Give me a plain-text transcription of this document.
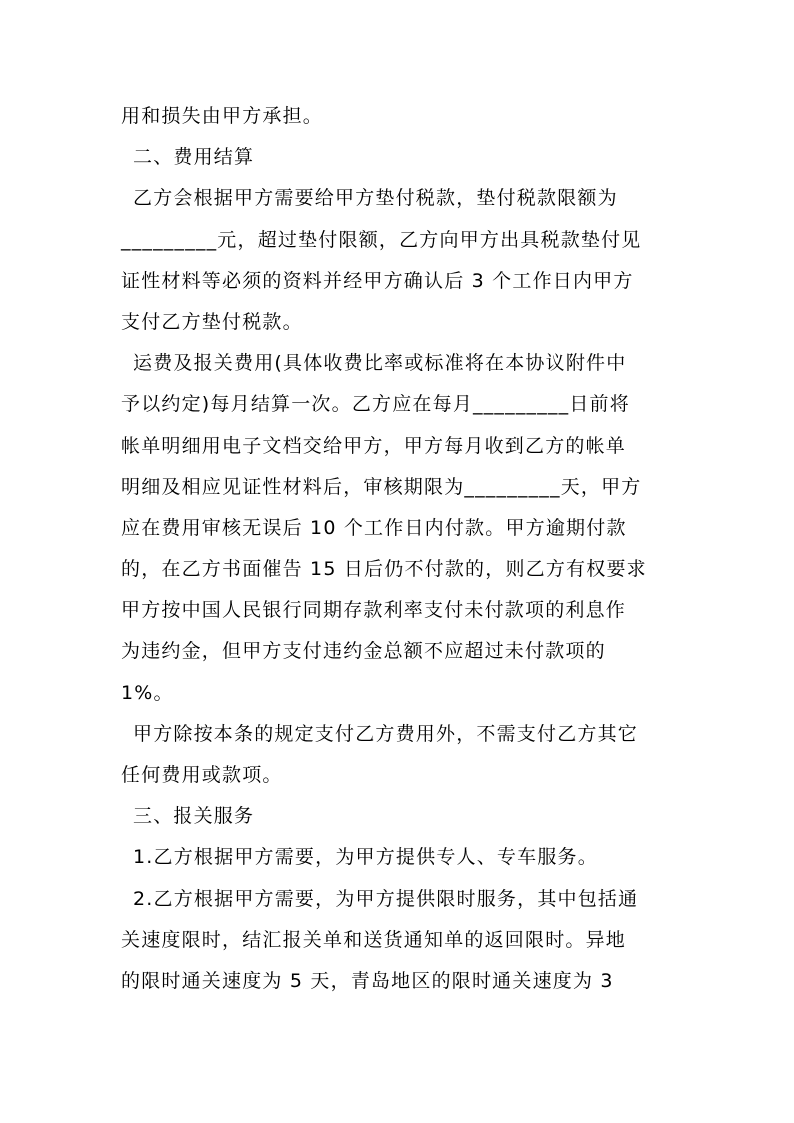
用和损失由甲方承担。
二、费用结算
乙方会根据甲方需要给甲方垫付税款，垫付税款限额为
_________元，超过垫付限额，乙方向甲方出具税款垫付见
证性材料等必须的资料并经甲方确认后 3 个工作日内甲方
支付乙方垫付税款。
运费及报关费用(具体收费比率或标准将在本协议附件中
予以约定)每月结算一次。乙方应在每月_________日前将
帐单明细用电子文档交给甲方，甲方每月收到乙方的帐单
明细及相应见证性材料后，审核期限为_________天，甲方
应在费用审核无误后 10 个工作日内付款。甲方逾期付款
的，在乙方书面催告 15 日后仍不付款的，则乙方有权要求
甲方按中国人民银行同期存款利率支付未付款项的利息作
为违约金，但甲方支付违约金总额不应超过未付款项的
1%。
甲方除按本条的规定支付乙方费用外，不需支付乙方其它
任何费用或款项。
三、报关服务
1.乙方根据甲方需要，为甲方提供专人、专车服务。
2.乙方根据甲方需要，为甲方提供限时服务，其中包括通
关速度限时，结汇报关单和送货通知单的返回限时。异地
的限时通关速度为 5 天，青岛地区的限时通关速度为 3
